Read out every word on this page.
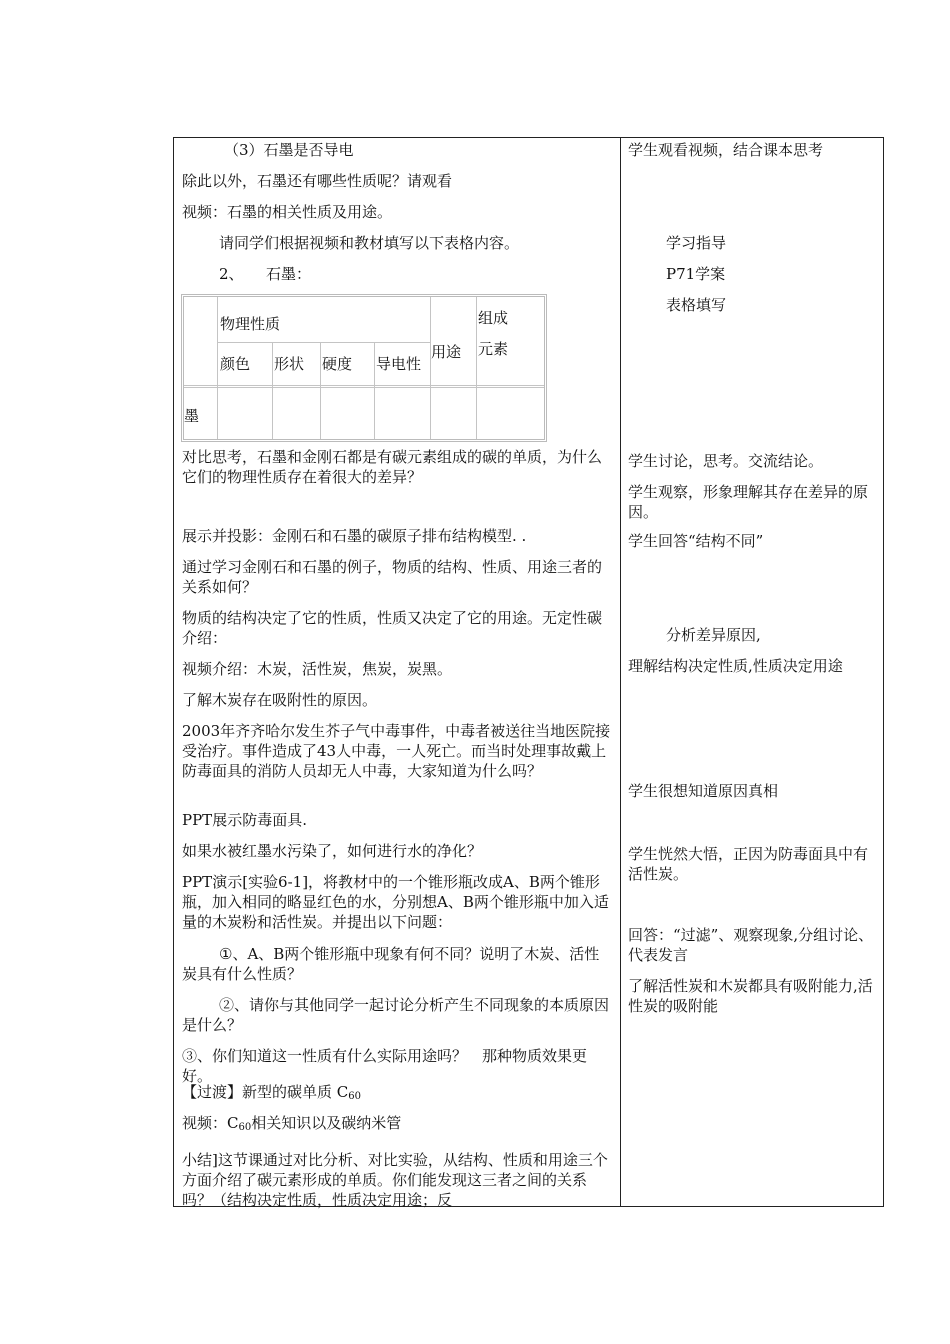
（3）石墨是否导电

除此以外，石墨还有哪些性质呢？请观看

视频：石墨的相关性质及用途。

请同学们根据视频和教材填写以下表格内容。

2、　　石墨：

物理性质
颜色 形状 硬度 导电性
用途
组成
元素
墨

对比思考，石墨和金刚石都是有碳元素组成的碳的单质，为什么它们的物理性质存在着很大的差异？

展示并投影：金刚石和石墨的碳原子排布结构模型. .

通过学习金刚石和石墨的例子，物质的结构、性质、用途三者的关系如何？

物质的结构决定了它的性质，性质又决定了它的用途。无定性碳介绍：

视频介绍：木炭，活性炭，焦炭，炭黑。

了解木炭存在吸附性的原因。

2003年齐齐哈尔发生芥子气中毒事件，中毒者被送往当地医院接受治疗。事件造成了43人中毒，一人死亡。而当时处理事故戴上防毒面具的消防人员却无人中毒，大家知道为什么吗？

PPT展示防毒面具.

如果水被红墨水污染了，如何进行水的净化？

PPT演示[实验6-1]，将教材中的一个锥形瓶改成A、B两个锥形瓶，加入相同的略显红色的水，分别想A、B两个锥形瓶中加入适量的木炭粉和活性炭。并提出以下问题：

①、A、B两个锥形瓶中现象有何不同？说明了木炭、活性炭具有什么性质？

②、请你与其他同学一起讨论分析产生不同现象的本质原因是什么？

③、你们知道这一性质有什么实际用途吗？　那种物质效果更好。

【过渡】新型的碳单质 $C_{60}$

视频：$C_{60}$相关知识以及碳纳米管

小结]这节课通过对比分析、对比实验，从结构、性质和用途三个方面介绍了碳元素形成的单质。你们能发现这三者之间的关系吗？（结构决定性质，性质决定用途；反

学生观看视频，结合课本思考

学习指导

P71学案

表格填写

学生讨论，思考。交流结论。

学生观察，形象理解其存在差异的原因。

学生回答“结构不同”

分析差异原因,

理解结构决定性质,性质决定用途

学生很想知道原因真相

学生恍然大悟，正因为防毒面具中有活性炭。

回答：“过滤”、观察现象,分组讨论、代表发言

了解活性炭和木炭都具有吸附能力,活性炭的吸附能
